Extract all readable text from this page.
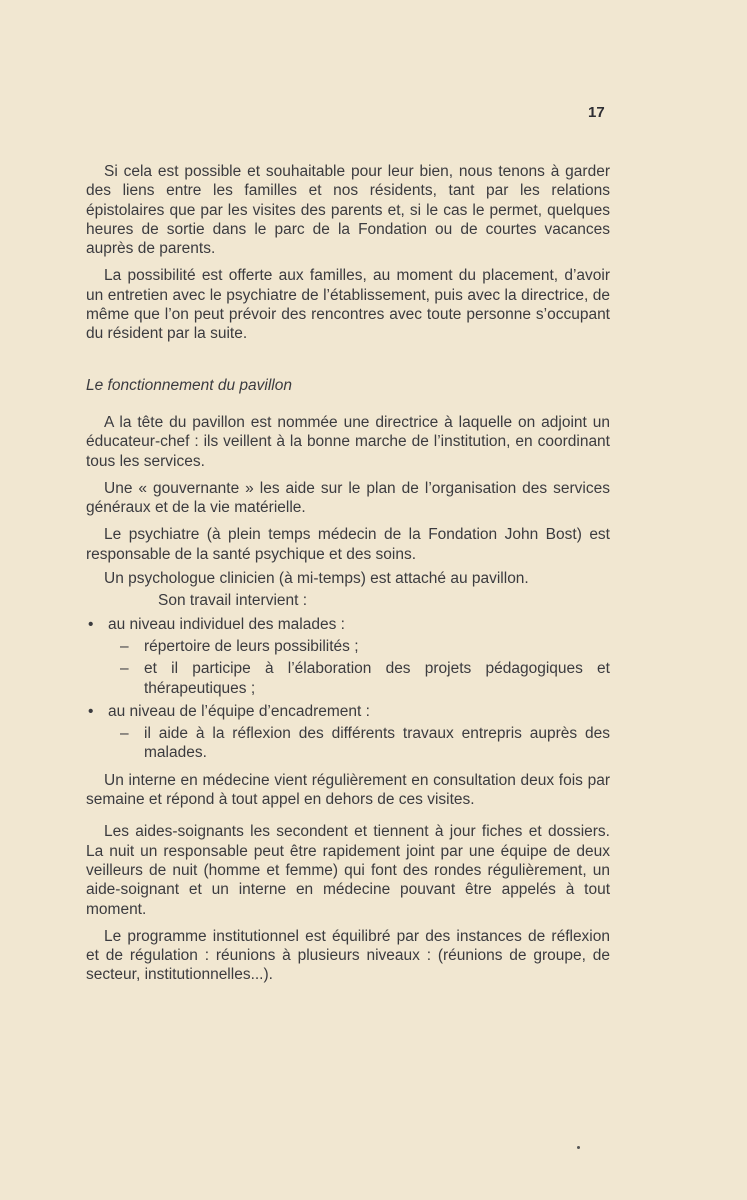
17

Si cela est possible et souhaitable pour leur bien, nous tenons à garder des liens entre les familles et nos résidents, tant par les relations épistolaires que par les visites des parents et, si le cas le permet, quelques heures de sortie dans le parc de la Fondation ou de courtes vacances auprès de parents.

La possibilité est offerte aux familles, au moment du placement, d’avoir un entretien avec le psychiatre de l’établissement, puis avec la directrice, de même que l’on peut prévoir des rencontres avec toute personne s’occupant du résident par la suite.

Le fonctionnement du pavillon

A la tête du pavillon est nommée une directrice à laquelle on adjoint un éducateur-chef : ils veillent à la bonne marche de l’institution, en coordinant tous les services.

Une « gouvernante » les aide sur le plan de l’organisation des services généraux et de la vie matérielle.

Le psychiatre (à plein temps médecin de la Fondation John Bost) est responsable de la santé psychique et des soins.

Un psychologue clinicien (à mi-temps) est attaché au pavillon.

Son travail intervient :

• au niveau individuel des malades :
– répertoire de leurs possibilités ;
– et il participe à l’élaboration des projets pédagogiques et thérapeutiques ;
• au niveau de l’équipe d’encadrement :
– il aide à la réflexion des différents travaux entrepris auprès des malades.

Un interne en médecine vient régulièrement en consultation deux fois par semaine et répond à tout appel en dehors de ces visites.

Les aides-soignants les secondent et tiennent à jour fiches et dossiers. La nuit un responsable peut être rapidement joint par une équipe de deux veilleurs de nuit (homme et femme) qui font des rondes régulièrement, un aide-soignant et un interne en médecine pouvant être appelés à tout moment.

Le programme institutionnel est équilibré par des instances de réflexion et de régulation : réunions à plusieurs niveaux : (réunions de groupe, de secteur, institutionnelles...).
